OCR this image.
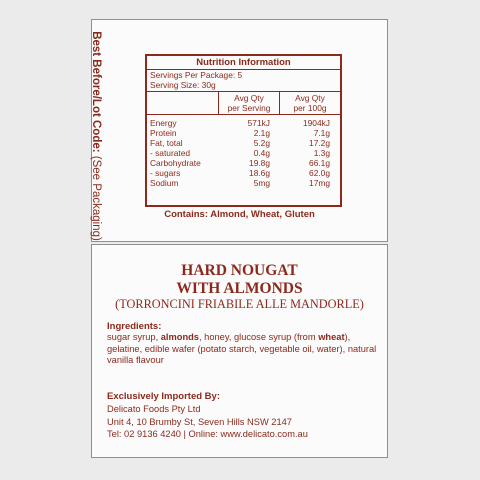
Best Before/Lot Code: (See Packaging)
Nutrition Information
Servings Per Package: 5
Serving Size: 30g
Avg Qty
per Serving
Avg Qty
per 100g
Energy
Protein
Fat, total
- saturated
Carbohydrate
- sugars
Sodium
571kJ
2.1g
5.2g
0.4g
19.8g
18.6g
5mg
1904kJ
7.1g
17.2g
1.3g
66.1g
62.0g
17mg
Contains: Almond, Wheat, Gluten
HARD NOUGAT
WITH ALMONDS
(TORRONCINI FRIABILE ALLE MANDORLE)
Ingredients:
sugar syrup, almonds, honey, glucose syrup (from wheat), gelatine, edible wafer (potato starch, vegetable oil, water), natural vanilla flavour
Exclusively Imported By:
Delicato Foods Pty Ltd
Unit 4, 10 Brumby St, Seven Hills NSW 2147
Tel: 02 9136 4240 | Online: www.delicato.com.au
